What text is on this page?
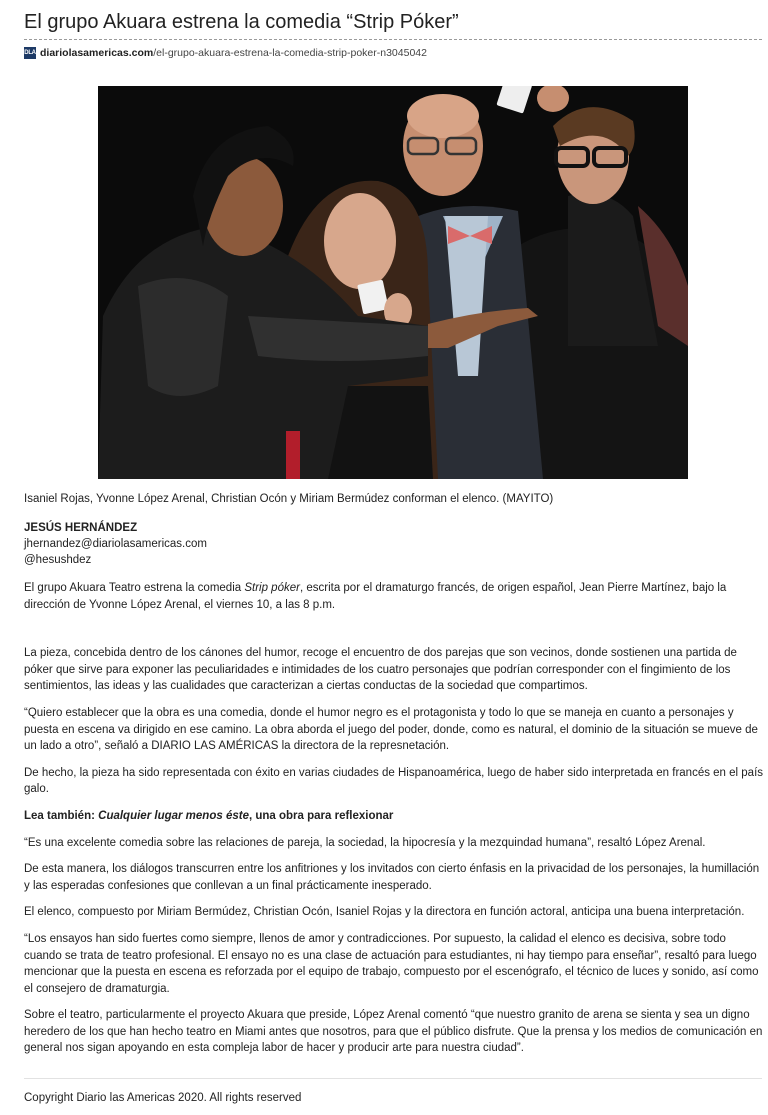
El grupo Akuara estrena la comedia “Strip Póker”
DLA diariolasamericas.com /el-grupo-akuara-estrena-la-comedia-strip-poker-n3045042
Isaniel Rojas, Yvonne López Arenal, Christian Ocón y Miriam Bermúdez conforman el elenco. (MAYITO)
JESÚS HERNÁNDEZ
jhernandez@diariolasamericas.com
@hesushdez

El grupo Akuara Teatro estrena la comedia Strip póker, escrita por el dramaturgo francés, de origen español, Jean Pierre Martínez, bajo la dirección de Yvonne López Arenal, el viernes 10, a las 8 p.m.

La pieza, concebida dentro de los cánones del humor, recoge el encuentro de dos parejas que son vecinos, donde sostienen una partida de póker que sirve para exponer las peculiaridades e intimidades de los cuatro personajes que podrían corresponder con el fingimiento de los sentimientos, las ideas y las cualidades que caracterizan a ciertas conductas de la sociedad que compartimos.

“Quiero establecer que la obra es una comedia, donde el humor negro es el protagonista y todo lo que se maneja en cuanto a personajes y puesta en escena va dirigido en ese camino. La obra aborda el juego del poder, donde, como es natural, el dominio de la situación se mueve de un lado a otro”, señaló a DIARIO LAS AMÉRICAS la directora de la represnetación.

De hecho, la pieza ha sido representada con éxito en varias ciudades de Hispanoamérica, luego de haber sido interpretada en francés en el país galo.

Lea también: Cualquier lugar menos éste, una obra para reflexionar

“Es una excelente comedia sobre las relaciones de pareja, la sociedad, la hipocresía y la mezquindad humana”, resaltó López Arenal.

De esta manera, los diálogos transcurren entre los anfitriones y los invitados con cierto énfasis en la privacidad de los personajes, la humillación y las esperadas confesiones que conllevan a un final prácticamente inesperado.

El elenco, compuesto por Miriam Bermúdez, Christian Ocón, Isaniel Rojas y la directora en función actoral, anticipa una buena interpretación.

“Los ensayos han sido fuertes como siempre, llenos de amor y contradicciones. Por supuesto, la calidad el elenco es decisiva, sobre todo cuando se trata de teatro profesional. El ensayo no es una clase de actuación para estudiantes, ni hay tiempo para enseñar”, resaltó para luego mencionar que la puesta en escena es reforzada por el equipo de trabajo, compuesto por el escenógrafo, el técnico de luces y sonido, así como el consejero de dramaturgia.

Sobre el teatro, particularmente el proyecto Akuara que preside, López Arenal comentó “que nuestro granito de arena se sienta y sea un digno heredero de los que han hecho teatro en Miami antes que nosotros, para que el público disfrute. Que la prensa y los medios de comunicación en general nos sigan apoyando en esta compleja labor de hacer y producir arte para nuestra ciudad”.

Copyright Diario las Americas 2020. All rights reserved
